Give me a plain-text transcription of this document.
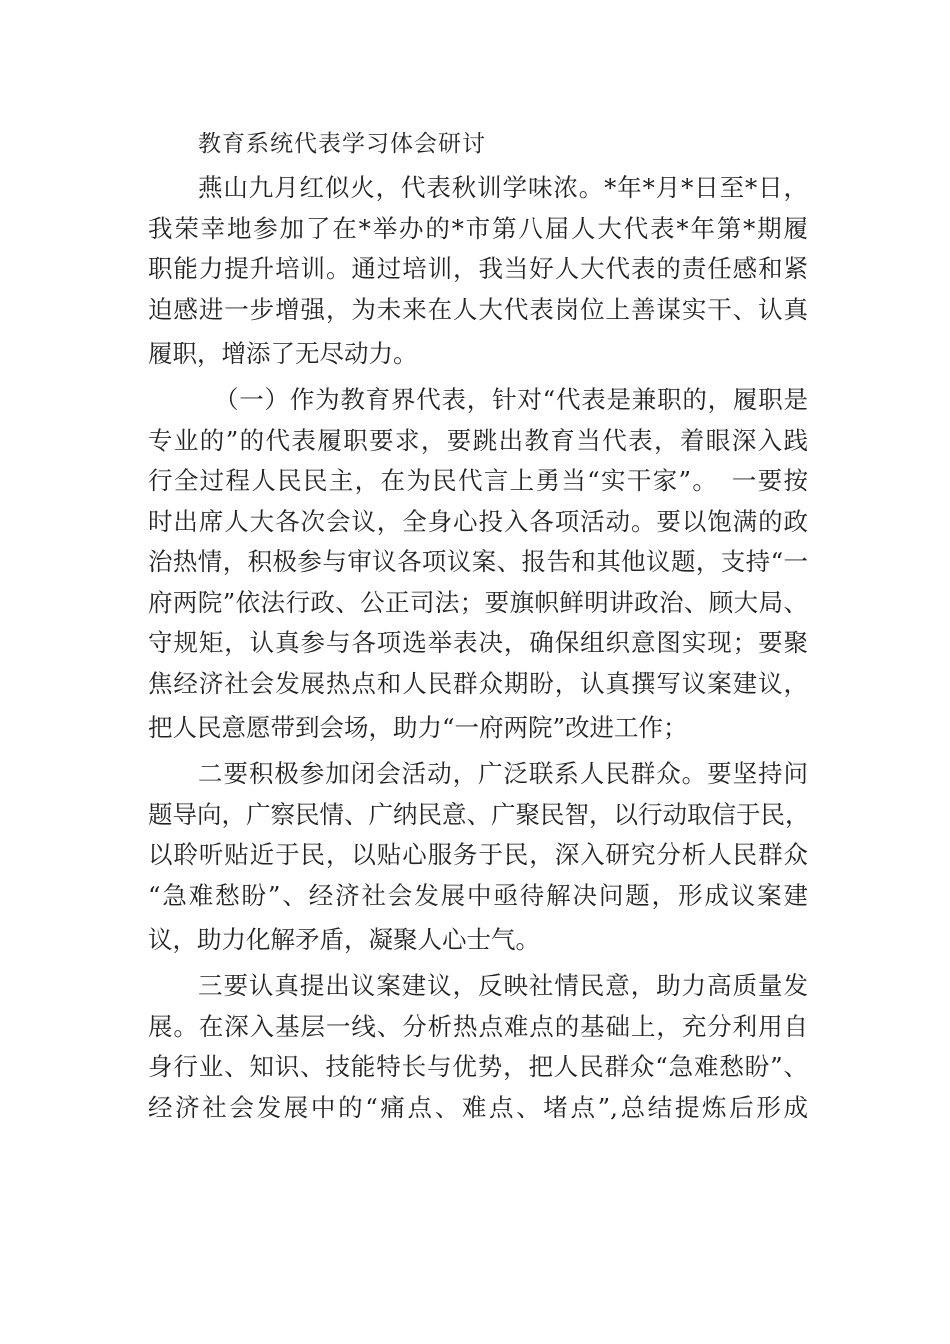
教育系统代表学习体会研讨
燕山九月红似火，代表秋训学味浓。*年*月*日至*日，
我荣幸地参加了在*举办的*市第八届人大代表*年第*期履
职能力提升培训。通过培训，我当好人大代表的责任感和紧
迫感进一步增强，为未来在人大代表岗位上善谋实干、认真
履职，增添了无尽动力。
（一）作为教育界代表，针对“代表是兼职的，履职是
专业的”的代表履职要求，要跳出教育当代表，着眼深入践
行全过程人民民主，在为民代言上勇当“实干家”。　一要按
时出席人大各次会议，全身心投入各项活动。要以饱满的政
治热情，积极参与审议各项议案、报告和其他议题，支持“一
府两院”依法行政、公正司法；要旗帜鲜明讲政治、顾大局、
守规矩，认真参与各项选举表决，确保组织意图实现；要聚
焦经济社会发展热点和人民群众期盼，认真撰写议案建议，
把人民意愿带到会场，助力“一府两院”改进工作；
二要积极参加闭会活动，广泛联系人民群众。要坚持问
题导向，广察民情、广纳民意、广聚民智，以行动取信于民，
以聆听贴近于民，以贴心服务于民，深入研究分析人民群众
“急难愁盼”、经济社会发展中亟待解决问题，形成议案建
议，助力化解矛盾，凝聚人心士气。
三要认真提出议案建议，反映社情民意，助力高质量发
展。在深入基层一线、分析热点难点的基础上，充分利用自
身行业、知识、技能特长与优势，把人民群众“急难愁盼”、
经济社会发展中的“痛点、难点、堵点”,总结提炼后形成
